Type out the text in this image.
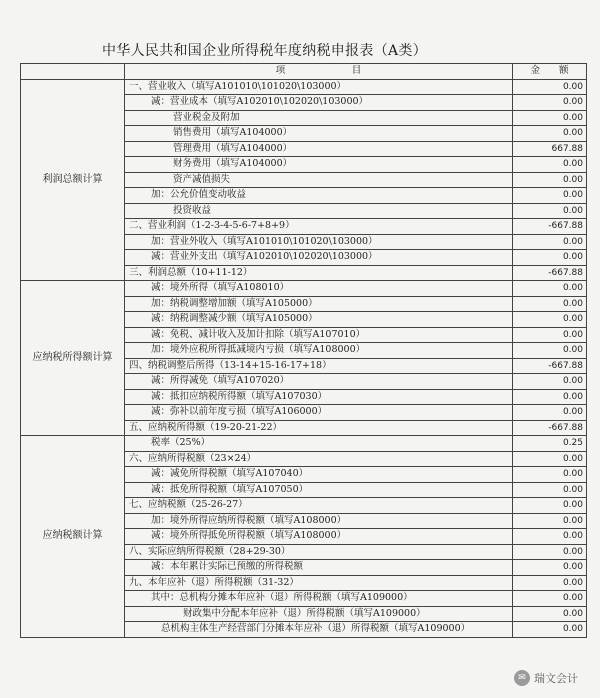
中华人民共和国企业所得税年度纳税申报表（A类）
	项　　　　　　　目	金　　额
利润总额计算	一、营业收入（填写A101010\101020\103000）	0.00
	减：营业成本（填写A102010\102020\103000）	0.00
	营业税金及附加	0.00
	销售费用（填写A104000）	0.00
	管理费用（填写A104000）	667.88
	财务费用（填写A104000）	0.00
	资产减值损失	0.00
	加：公允价值变动收益	0.00
	投资收益	0.00
	二、营业利润（1-2-3-4-5-6-7+8+9）	-667.88
	加：营业外收入（填写A101010\101020\103000）	0.00
	减：营业外支出（填写A102010\102020\103000）	0.00
	三、利润总额（10+11-12）	-667.88
应纳税所得额计算	减：境外所得（填写A108010）	0.00
	加：纳税调整增加额（填写A105000）	0.00
	减：纳税调整减少额（填写A105000）	0.00
	减：免税、减计收入及加计扣除（填写A107010）	0.00
	加：境外应税所得抵减境内亏损（填写A108000）	0.00
	四、纳税调整后所得（13-14+15-16-17+18）	-667.88
	减：所得减免（填写A107020）	0.00
	减：抵扣应纳税所得额（填写A107030）	0.00
	减：弥补以前年度亏损（填写A106000）	0.00
	五、应纳税所得额（19-20-21-22）	-667.88
应纳税额计算	税率（25%）	0.25
	六、应纳所得税额（23×24）	0.00
	减：减免所得税额（填写A107040）	0.00
	减：抵免所得税额（填写A107050）	0.00
	七、应纳税额（25-26-27）	0.00
	加：境外所得应纳所得税额（填写A108000）	0.00
	减：境外所得抵免所得税额（填写A108000）	0.00
	八、实际应纳所得税额（28+29-30）	0.00
	减：本年累计实际已预缴的所得税额	0.00
	九、本年应补（退）所得税额（31-32）	0.00
	其中：总机构分摊本年应补（退）所得税额（填写A109000）	0.00
	财政集中分配本年应补（退）所得税额（填写A109000）	0.00
	总机构主体生产经营部门分摊本年应补（退）所得税额（填写A109000）	0.00
✉ 瑞文会计
